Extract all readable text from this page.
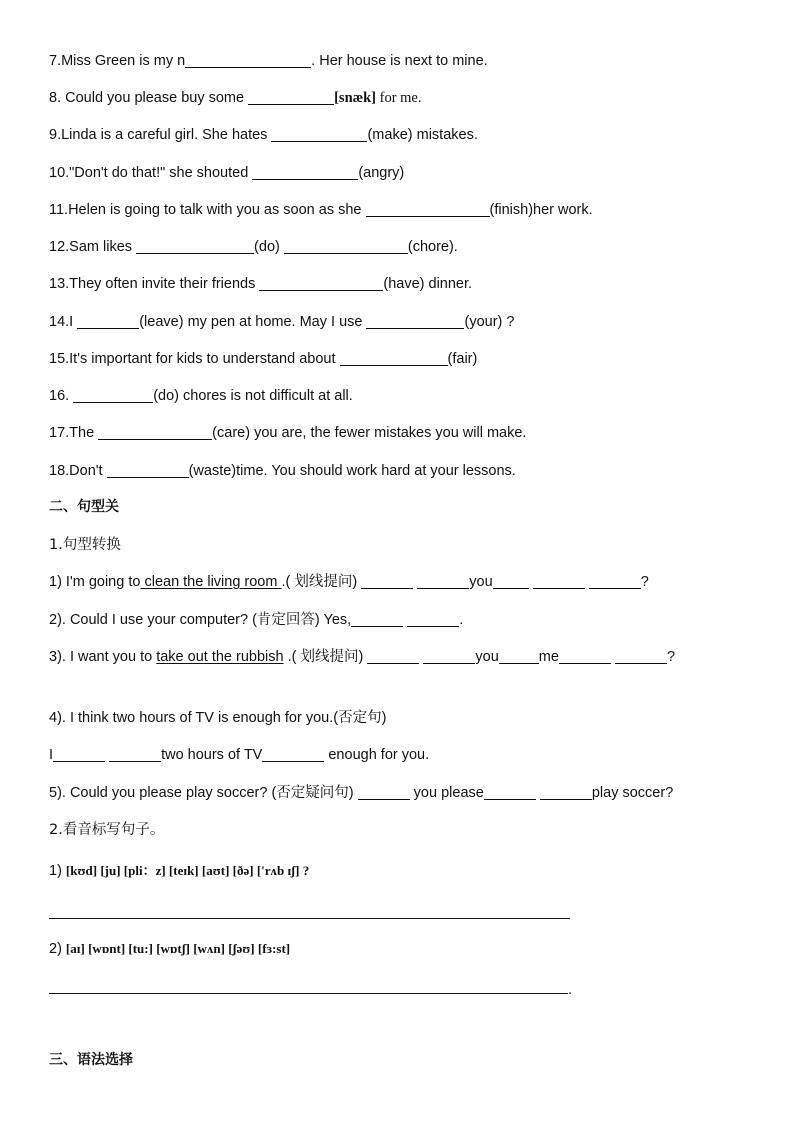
7.Miss Green is my n	. Her house is next to mine.
8. Could you please buy some	[snæk] for me.
9.Linda is a careful girl. She hates	(make) mistakes.
10."Don't do that!" she shouted	(angry)
11.Helen is going to talk with you as soon as she	(finish)her work.
12.Sam likes	(do)	(chore).
13.They often invite their friends	(have) dinner.
14.I	(leave) my pen at home. May I use	(your) ?
15.It's important for kids to understand about	(fair)
16.	(do) chores is not difficult at all.
17.The	(care) you are, the fewer mistakes you will make.
18.Don't	(waste)time. You should work hard at your lessons.
二、句型关
1.句型转换
1) I'm going to clean the living room .( 划线提问)	you	?
2). Could I use your computer? (肯定回答) Yes,	.
3). I want you to take out the rubbish .( 划线提问)	you	me	?
4). I think two hours of TV is enough for you.(否定句)
I	two hours of TV	enough for you.
5). Could you please play soccer? (否定疑问句)	you please	play soccer?
2.看音标写句子。
1) [kʊd] [ju] [pli：z] [teɪk] [aʊt] [ðə] ['rʌb ɪʃ] ?
2) [aɪ] [wɒnt] [tu:] [wɒtʃ] [wʌn] [ʃəʊ] [fɜ:st]
.
三、语法选择
